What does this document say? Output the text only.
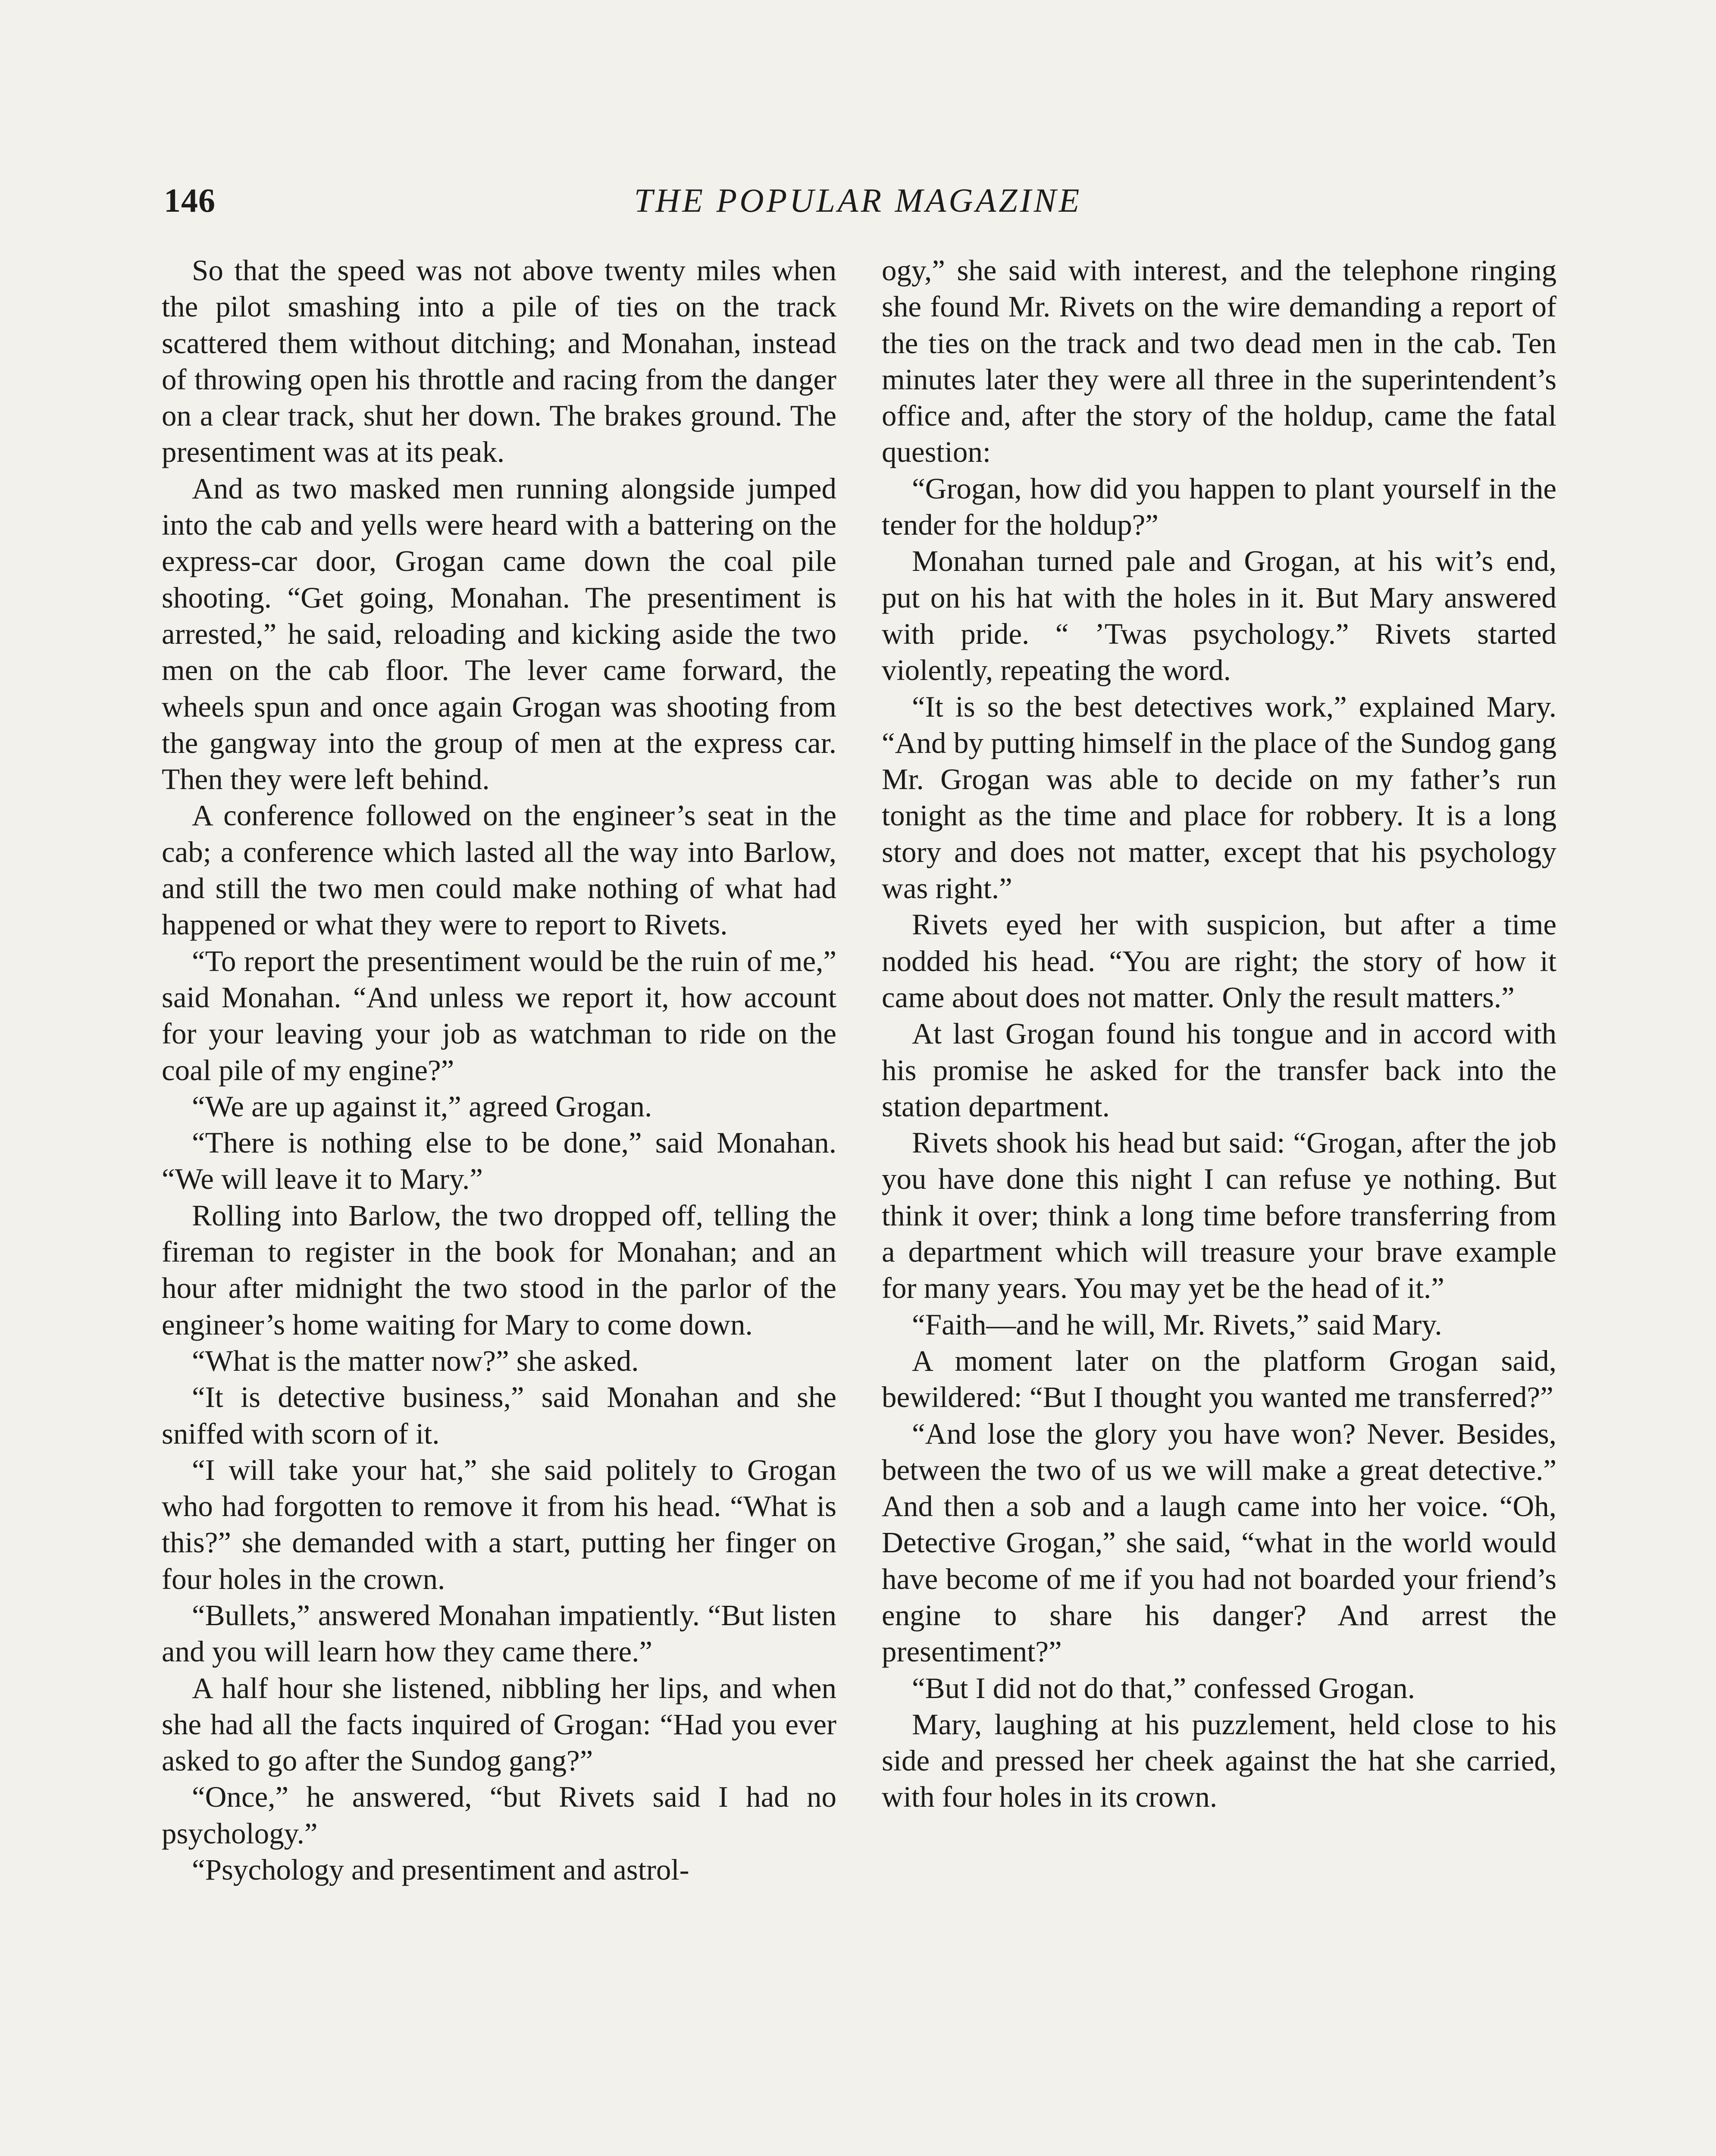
146	THE POPULAR MAGAZINE

So that the speed was not above twenty miles when the pilot smashing into a pile of ties on the track scattered them without ditching; and Monahan, instead of throwing open his throttle and racing from the danger on a clear track, shut her down. The brakes ground. The presentiment was at its peak.

And as two masked men running alongside jumped into the cab and yells were heard with a battering on the express-car door, Grogan came down the coal pile shooting. “Get going, Monahan. The presentiment is arrested,” he said, reloading and kicking aside the two men on the cab floor. The lever came forward, the wheels spun and once again Grogan was shooting from the gangway into the group of men at the express car. Then they were left behind.

A conference followed on the engineer’s seat in the cab; a conference which lasted all the way into Barlow, and still the two men could make nothing of what had happened or what they were to report to Rivets.

“To report the presentiment would be the ruin of me,” said Monahan. “And unless we report it, how account for your leaving your job as watchman to ride on the coal pile of my engine?”

“We are up against it,” agreed Grogan.

“There is nothing else to be done,” said Monahan. “We will leave it to Mary.”

Rolling into Barlow, the two dropped off, telling the fireman to register in the book for Monahan; and an hour after midnight the two stood in the parlor of the engineer’s home waiting for Mary to come down.

“What is the matter now?” she asked.

“It is detective business,” said Monahan and she sniffed with scorn of it.

“I will take your hat,” she said politely to Grogan who had forgotten to remove it from his head. “What is this?” she demanded with a start, putting her finger on four holes in the crown.

“Bullets,” answered Monahan impatiently. “But listen and you will learn how they came there.”

A half hour she listened, nibbling her lips, and when she had all the facts inquired of Grogan: “Had you ever asked to go after the Sundog gang?”

“Once,” he answered, “but Rivets said I had no psychology.”

“Psychology and presentiment and astrol-

ogy,” she said with interest, and the telephone ringing she found Mr. Rivets on the wire demanding a report of the ties on the track and two dead men in the cab. Ten minutes later they were all three in the superintendent’s office and, after the story of the holdup, came the fatal question:

“Grogan, how did you happen to plant yourself in the tender for the holdup?”

Monahan turned pale and Grogan, at his wit’s end, put on his hat with the holes in it. But Mary answered with pride. “ ’Twas psychology.” Rivets started violently, repeating the word.

“It is so the best detectives work,” explained Mary. “And by putting himself in the place of the Sundog gang Mr. Grogan was able to decide on my father’s run tonight as the time and place for robbery. It is a long story and does not matter, except that his psychology was right.”

Rivets eyed her with suspicion, but after a time nodded his head. “You are right; the story of how it came about does not matter. Only the result matters.”

At last Grogan found his tongue and in accord with his promise he asked for the transfer back into the station department.

Rivets shook his head but said: “Grogan, after the job you have done this night I can refuse ye nothing. But think it over; think a long time before transferring from a department which will treasure your brave example for many years. You may yet be the head of it.”

“Faith—and he will, Mr. Rivets,” said Mary.

A moment later on the platform Grogan said, bewildered: “But I thought you wanted me transferred?”

“And lose the glory you have won? Never. Besides, between the two of us we will make a great detective.” And then a sob and a laugh came into her voice. “Oh, Detective Grogan,” she said, “what in the world would have become of me if you had not boarded your friend’s engine to share his danger? And arrest the presentiment?”

“But I did not do that,” confessed Grogan.

Mary, laughing at his puzzlement, held close to his side and pressed her cheek against the hat she carried, with four holes in its crown.
